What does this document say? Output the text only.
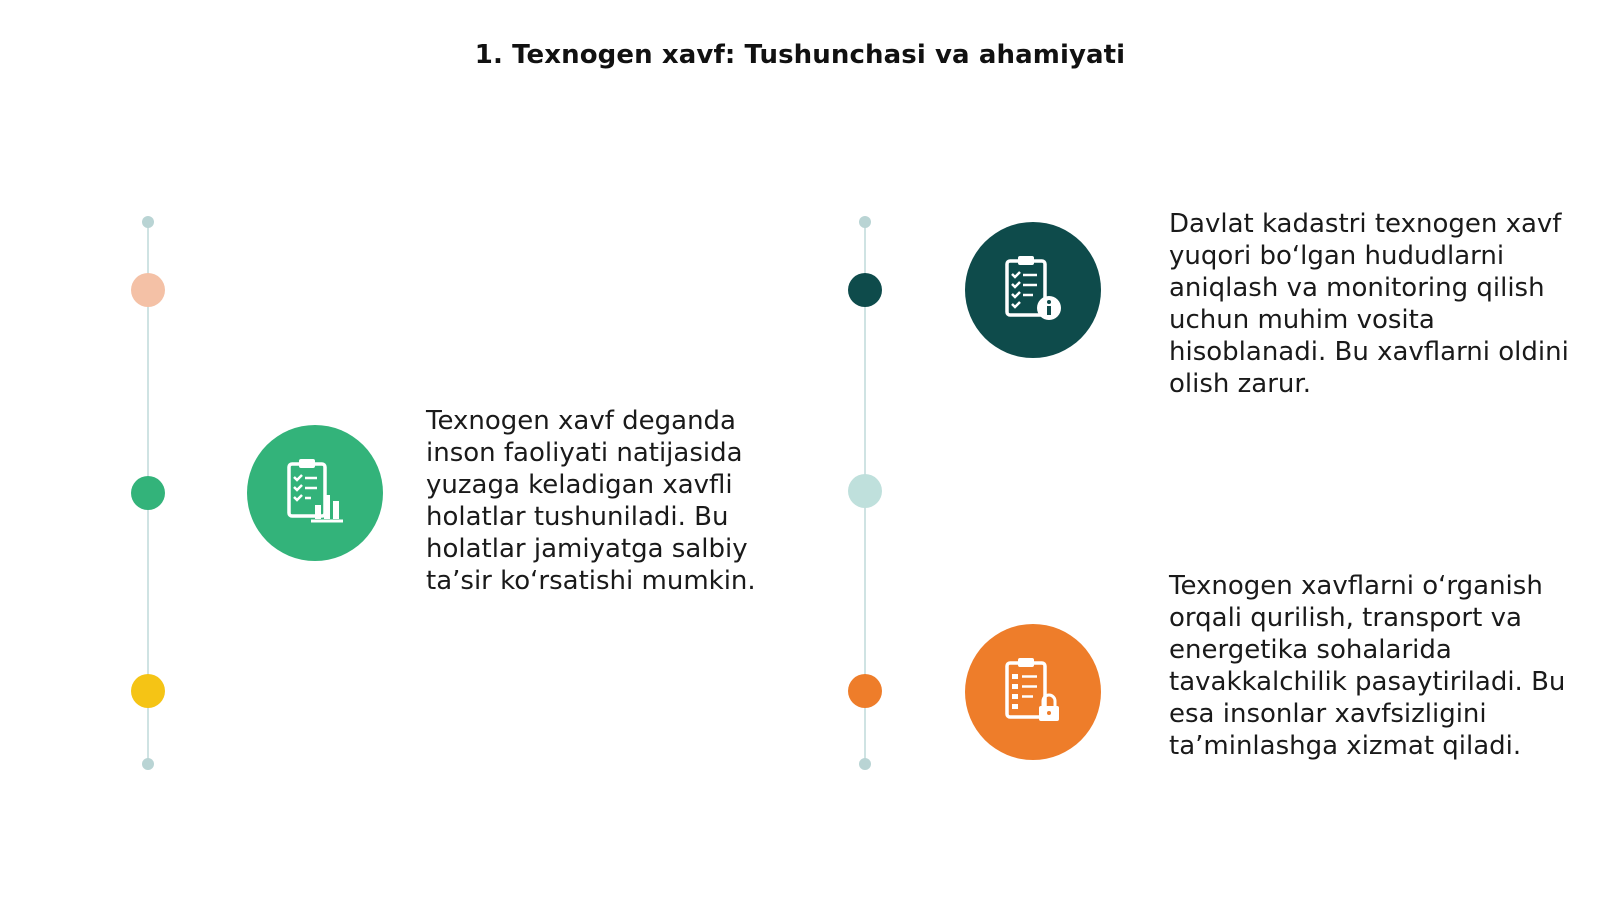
1. Texnogen xavf: Tushunchasi va ahamiyati
Texnogen xavf deganda inson faoliyati natijasida yuzaga keladigan xavfli holatlar tushuniladi. Bu holatlar jamiyatga salbiy ta’sir ko‘rsatishi mumkin.
Davlat kadastri texnogen xavf yuqori bo‘lgan hududlarni aniqlash va monitoring qilish uchun muhim vosita hisoblanadi. Bu xavflarni oldini olish zarur.
Texnogen xavflarni o‘rganish orqali qurilish, transport va energetika sohalarida tavakkalchilik pasaytiriladi. Bu esa insonlar xavfsizligini ta’minlashga xizmat qiladi.
